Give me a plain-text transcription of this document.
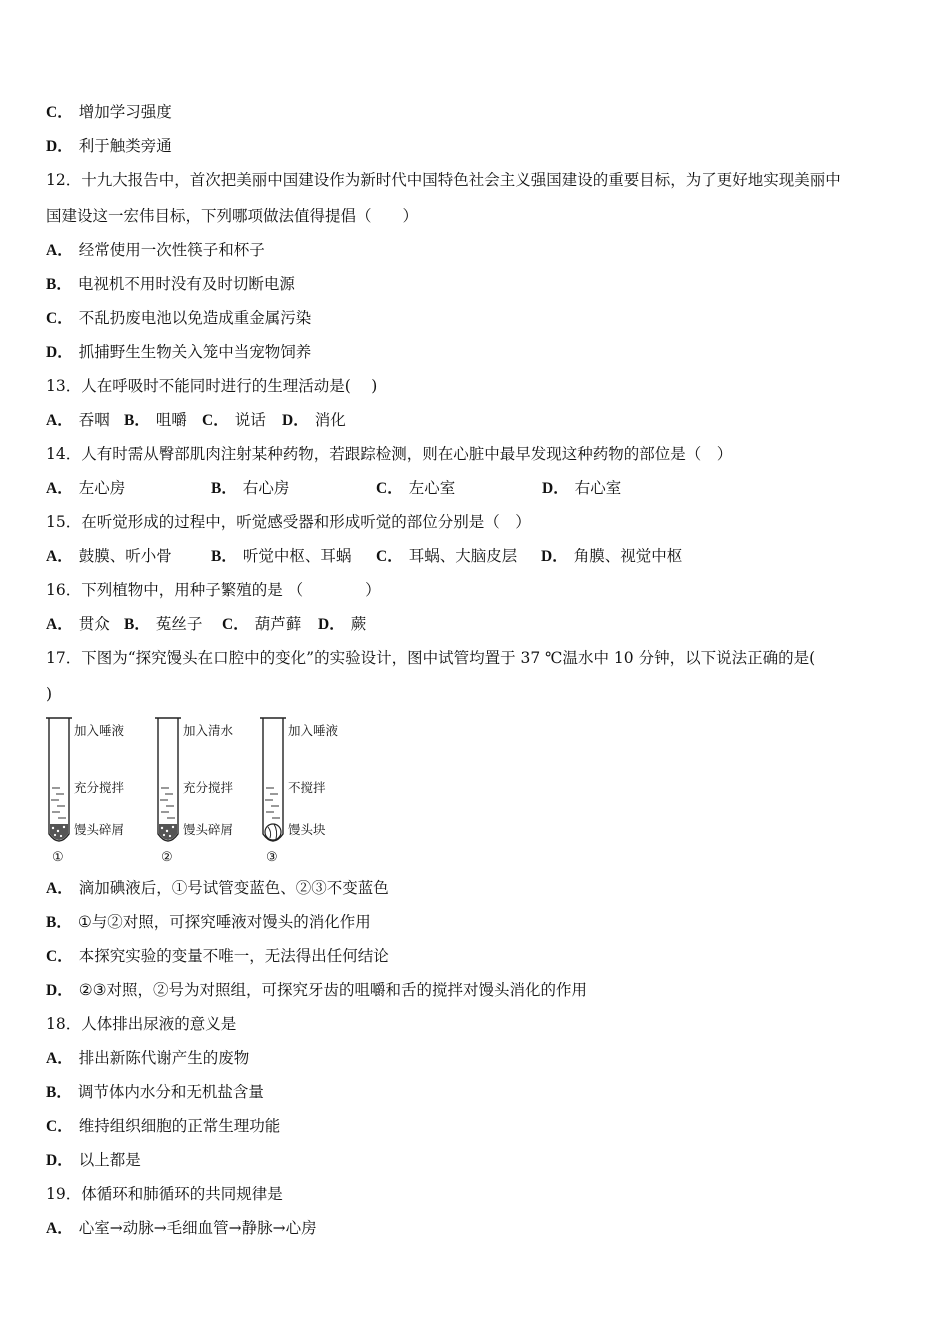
C． 增加学习强度
D． 利于触类旁通
12．十九大报告中，首次把美丽中国建设作为新时代中国特色社会主义强国建设的重要目标，为了更好地实现美丽中
国建设这一宏伟目标，下列哪项做法值得提倡（　　）
A． 经常使用一次性筷子和杯子
B． 电视机不用时没有及时切断电源
C． 不乱扔废电池以免造成重金属污染
D． 抓捕野生生物关入笼中当宠物饲养
13．人在呼吸时不能同时进行的生理活动是(　 )
A． 吞咽 B． 咀嚼 C． 说话 D． 消化
14．人有时需从臀部肌肉注射某种药物，若跟踪检测，则在心脏中最早发现这种药物的部位是（　）
A． 左心房	B． 右心房	C． 左心室	D． 右心室
15．在听觉形成的过程中，听觉感受器和形成听觉的部位分别是（　）
A． 鼓膜、听小骨	B． 听觉中枢、耳蜗 C． 耳蜗、大脑皮层 D． 角膜、视觉中枢
16．下列植物中，用种子繁殖的是 （　　　　）
A． 贯众 B． 菟丝子 C． 葫芦藓 D． 蕨
17．下图为“探究馒头在口腔中的变化”的实验设计，图中试管均置于 37 ℃温水中 10 分钟，以下说法正确的是(
)
加入唾液
充分搅拌
馒头碎屑
①
加入清水
充分搅拌
馒头碎屑
②
加入唾液
不搅拌
馒头块
③
A． 滴加碘液后，①号试管变蓝色、②③不变蓝色
B． ①与②对照，可探究唾液对馒头的消化作用
C． 本探究实验的变量不唯一，无法得出任何结论
D． ②③对照，②号为对照组，可探究牙齿的咀嚼和舌的搅拌对馒头消化的作用
18．人体排出尿液的意义是
A． 排出新陈代谢产生的废物
B． 调节体内水分和无机盐含量
C． 维持组织细胞的正常生理功能
D． 以上都是
19．体循环和肺循环的共同规律是
A． 心室→动脉→毛细血管→静脉→心房
